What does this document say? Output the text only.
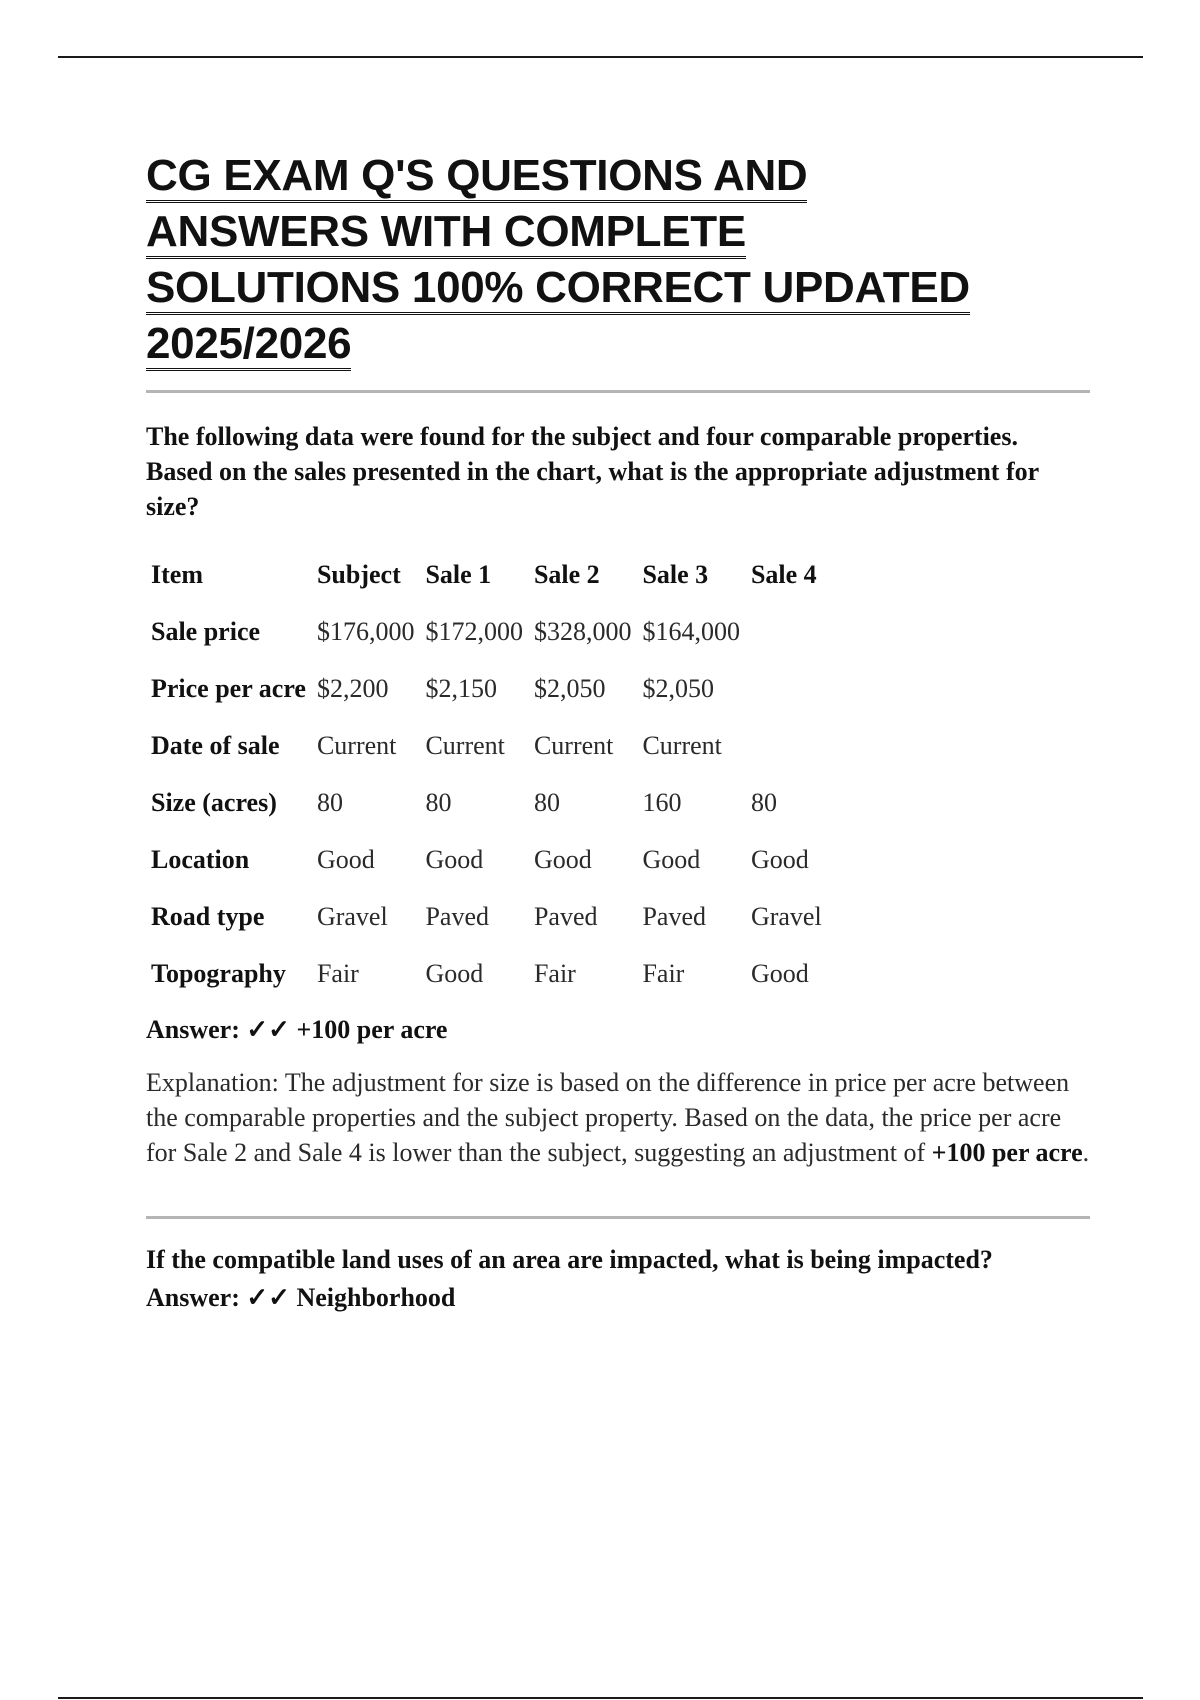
CG EXAM Q'S QUESTIONS AND
ANSWERS WITH COMPLETE
SOLUTIONS 100% CORRECT UPDATED
2025/2026

The following data were found for the subject and four comparable properties. Based on the sales presented in the chart, what is the appropriate adjustment for size?

Item	Subject	Sale 1	Sale 2	Sale 3	Sale 4
Sale price	$176,000	$172,000	$328,000	$164,000	
Price per acre	$2,200	$2,150	$2,050	$2,050	
Date of sale	Current	Current	Current	Current	
Size (acres)	80	80	80	160	80
Location	Good	Good	Good	Good	Good
Road type	Gravel	Paved	Paved	Paved	Gravel
Topography	Fair	Good	Fair	Fair	Good

Answer: ✓✓ +100 per acre

Explanation: The adjustment for size is based on the difference in price per acre between the comparable properties and the subject property. Based on the data, the price per acre for Sale 2 and Sale 4 is lower than the subject, suggesting an adjustment of +100 per acre.

If the compatible land uses of an area are impacted, what is being impacted?
Answer: ✓✓ Neighborhood
